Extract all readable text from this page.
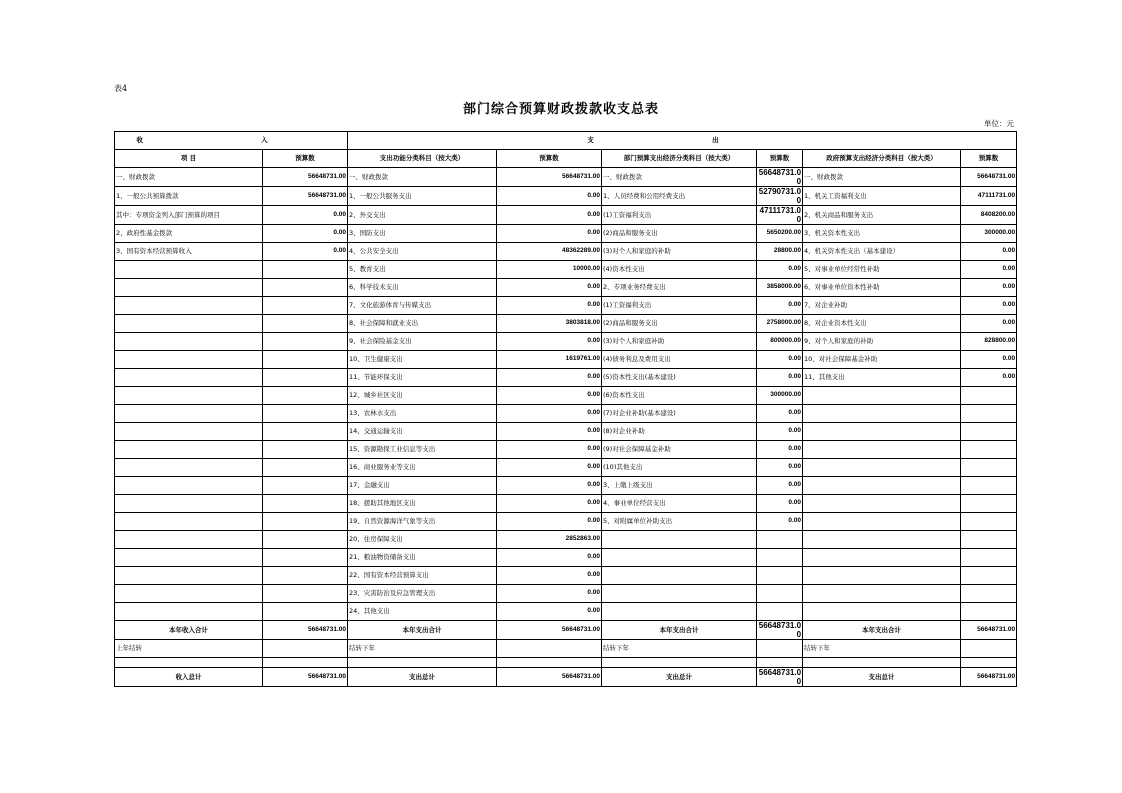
表4
部门综合预算财政拨款收支总表
单位：元
收 入		支 出					
项 目	预算数	支出功能分类科目（按大类）	预算数	部门预算支出经济分类科目（按大类）	预算数	政府预算支出经济分类科目（按大类）	预算数
一、财政拨款	56648731.00	一、财政拨款	56648731.00	一、财政拨款	56648731.00	一、财政拨款	56648731.00
1、一般公共预算拨款	56648731.00	1、一般公共服务支出	0.00	1、人员经费和公用经费支出	52790731.00	1、机关工资福利支出	47111731.00
其中：专项资金列入部门预算的项目	0.00	2、外交支出	0.00	(1)工资福利支出	47111731.00	2、机关商品和服务支出	8408200.00
2、政府性基金拨款	0.00	3、国防支出	0.00	(2)商品和服务支出	5650200.00	3、机关资本性支出	300000.00
3、国有资本经营预算收入	0.00	4、公共安全支出	48362289.00	(3)对个人和家庭的补助	28800.00	4、机关资本性支出（基本建设）	0.00
		5、教育支出	10000.00	(4)资本性支出	0.00	5、对事业单位经常性补助	0.00
		6、科学技术支出	0.00	2、专项业务经费支出	3858000.00	6、对事业单位资本性补助	0.00
		7、文化旅游体育与传媒支出	0.00	(1)工资福利支出	0.00	7、对企业补助	0.00
		8、社会保障和就业支出	3803818.00	(2)商品和服务支出	2758000.00	8、对企业资本性支出	0.00
		9、社会保险基金支出	0.00	(3)对个人和家庭补助	800000.00	9、对个人和家庭的补助	828800.00
		10、卫生健康支出	1619761.00	(4)债务利息及费用支出	0.00	10、对社会保障基金补助	0.00
		11、节能环保支出	0.00	(5)资本性支出(基本建设)	0.00	11、其他支出	0.00
		12、城乡社区支出	0.00	(6)资本性支出	300000.00		
		13、农林水支出	0.00	(7)对企业补助(基本建设)	0.00		
		14、交通运输支出	0.00	(8)对企业补助	0.00		
		15、资源勘探工业信息等支出	0.00	(9)对社会保障基金补助	0.00		
		16、商业服务业等支出	0.00	(10)其他支出	0.00		
		17、金融支出	0.00	3、上缴上级支出	0.00		
		18、援助其他地区支出	0.00	4、事业单位经营支出	0.00		
		19、自然资源海洋气象等支出	0.00	5、对附属单位补助支出	0.00		
		20、住房保障支出	2852863.00				
		21、粮油物资储备支出	0.00				
		22、国有资本经营预算支出	0.00				
		23、灾害防治及应急管理支出	0.00				
		24、其他支出	0.00				
本年收入合计	56648731.00	本年支出合计	56648731.00	本年支出合计	56648731.00	本年支出合计	56648731.00
上年结转		结转下年		结转下年		结转下年	

收入总计	56648731.00	支出总计	56648731.00	支出总计	56648731.00	支出总计	56648731.00
